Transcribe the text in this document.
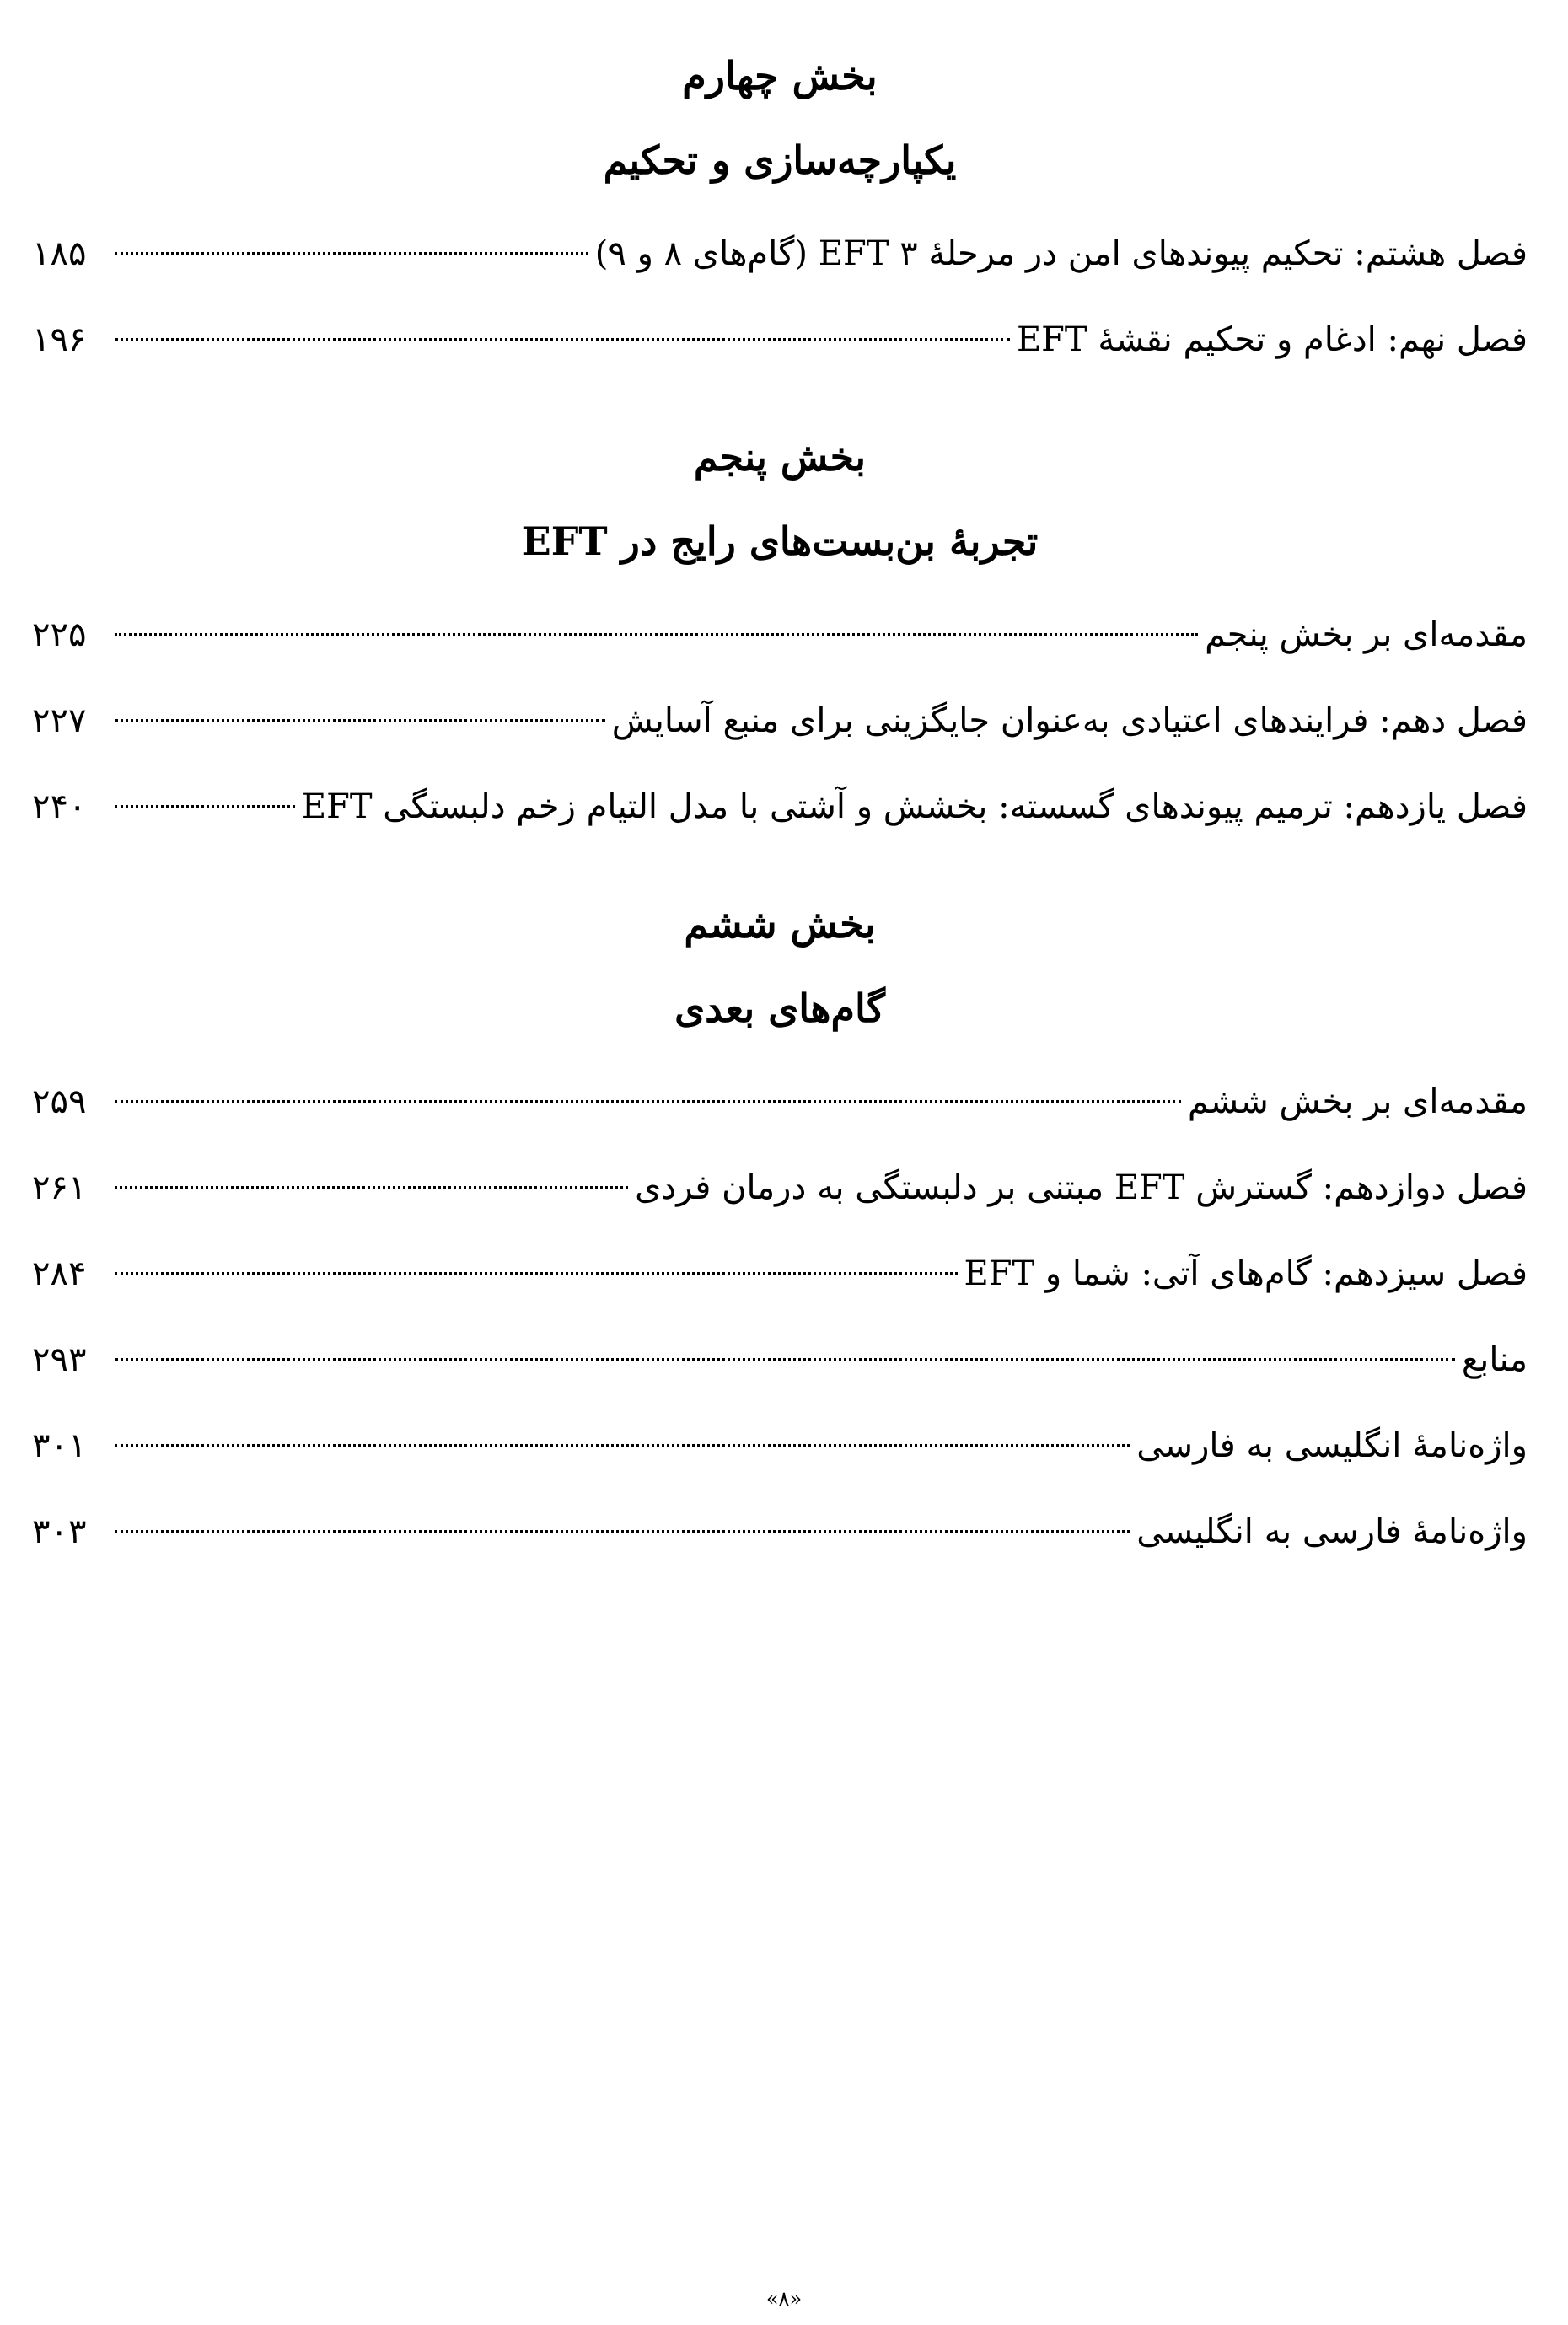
بخش چهارم
یکپارچه‌سازی و تحکیم
فصل هشتم: تحکیم پیوندهای امن در مرحلهٔ ۳ EFT (گام‌های ۸ و ۹)
۱۸۵
فصل نهم: ادغام و تحکیم نقشهٔ EFT
۱۹۶
بخش پنجم
تجربهٔ بن‌بست‌های رایج در EFT
مقدمه‌ای بر بخش پنجم
۲۲۵
فصل دهم: فرایندهای اعتیادی به‌عنوان جایگزینی برای منبع آسایش
۲۲۷
فصل یازدهم: ترمیم پیوندهای گسسته: بخشش و آشتی با مدل التیام زخم دلبستگی EFT
۲۴۰
بخش ششم
گام‌های بعدی
مقدمه‌ای بر بخش ششم
۲۵۹
فصل دوازدهم: گسترش EFT مبتنی بر دلبستگی به درمان فردی
۲۶۱
فصل سیزدهم: گام‌های آتی: شما و EFT
۲۸۴
منابع
۲۹۳
واژه‌نامهٔ انگلیسی به فارسی
۳۰۱
واژه‌نامهٔ فارسی به انگلیسی
۳۰۳
«۸»
